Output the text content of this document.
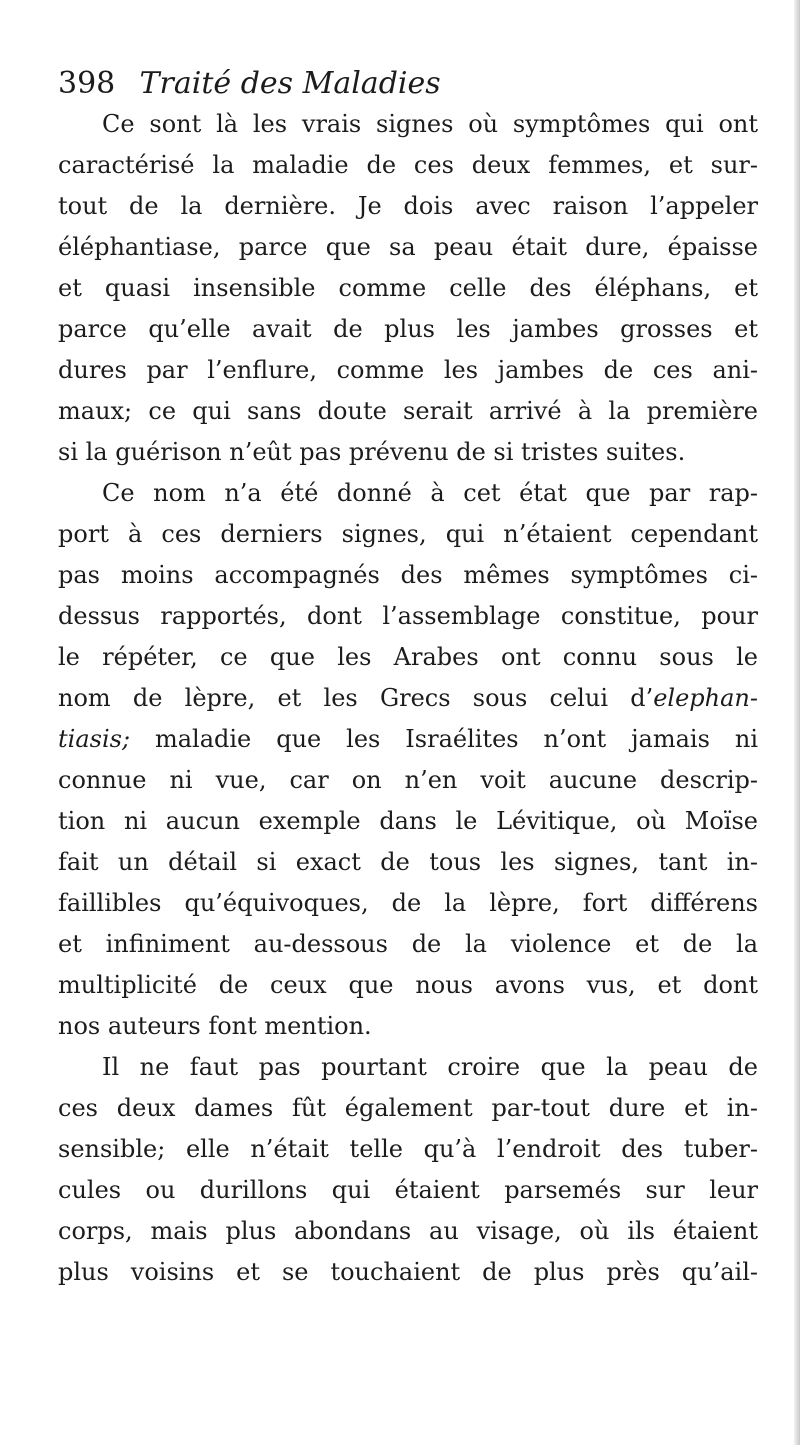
398 Traité des Maladies
Ce sont là les vrais signes où symptômes qui ont
caractérisé la maladie de ces deux femmes, et sur-
tout de la dernière. Je dois avec raison l’appeler
éléphantiase, parce que sa peau était dure, épaisse
et quasi insensible comme celle des éléphans, et
parce qu’elle avait de plus les jambes grosses et
dures par l’enflure, comme les jambes de ces ani-
maux; ce qui sans doute serait arrivé à la première
si la guérison n’eût pas prévenu de si tristes suites.
Ce nom n’a été donné à cet état que par rap-
port à ces derniers signes, qui n’étaient cependant
pas moins accompagnés des mêmes symptômes ci-
dessus rapportés, dont l’assemblage constitue, pour
le répéter, ce que les Arabes ont connu sous le
nom de lèpre, et les Grecs sous celui d’elephan-
tiasis; maladie que les Israélites n’ont jamais ni
connue ni vue, car on n’en voit aucune descrip-
tion ni aucun exemple dans le Lévitique, où Moïse
fait un détail si exact de tous les signes, tant in-
faillibles qu’équivoques, de la lèpre, fort différens
et infiniment au-dessous de la violence et de la
multiplicité de ceux que nous avons vus, et dont
nos auteurs font mention.
Il ne faut pas pourtant croire que la peau de
ces deux dames fût également par-tout dure et in-
sensible; elle n’était telle qu’à l’endroit des tuber-
cules ou durillons qui étaient parsemés sur leur
corps, mais plus abondans au visage, où ils étaient
plus voisins et se touchaient de plus près qu’ail-
